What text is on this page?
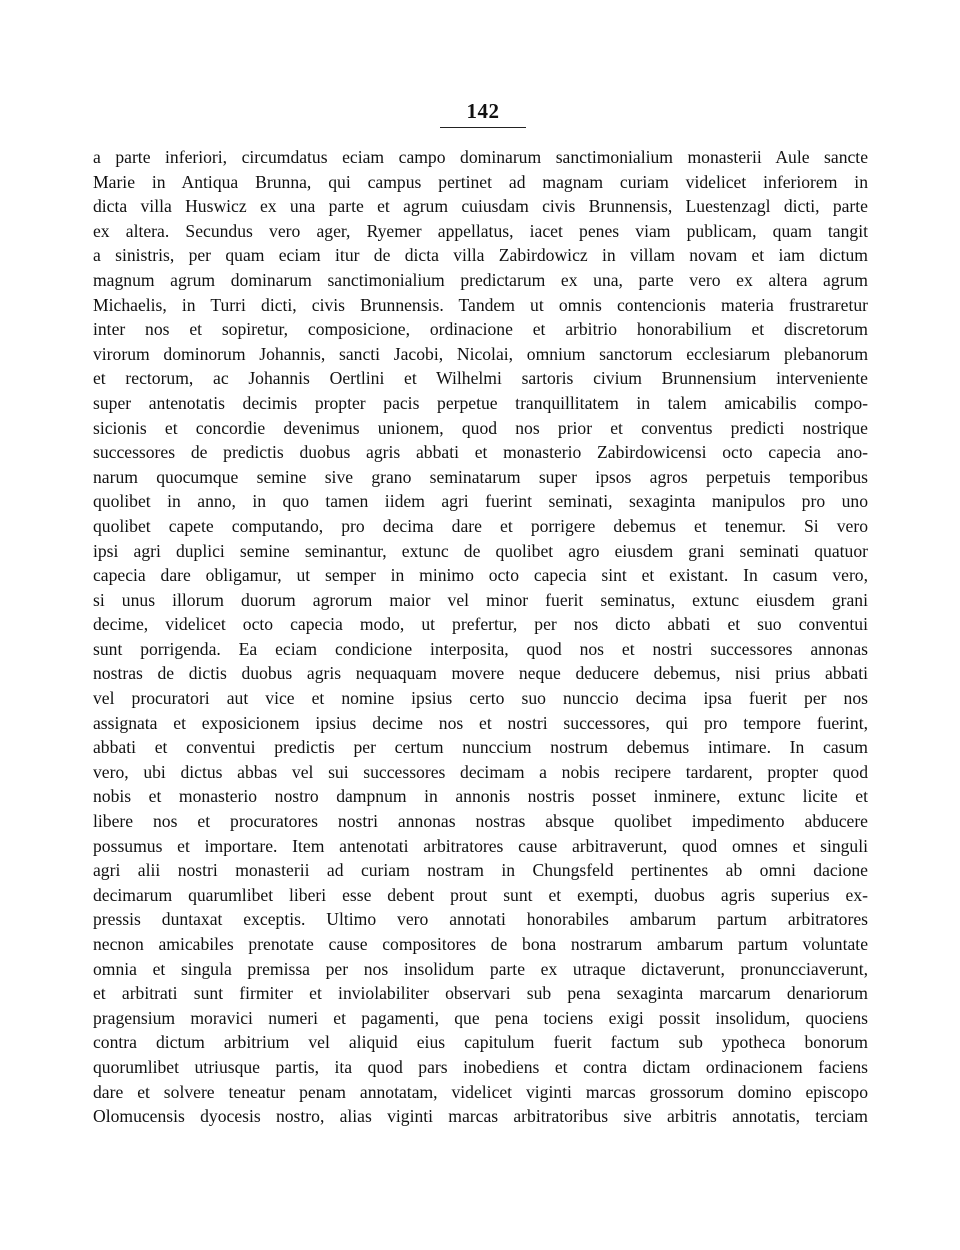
142
a parte inferiori, circumdatus eciam campo dominarum sanctimonialium monasterii Aule sancte
Marie in Antiqua Brunna, qui campus pertinet ad magnam curiam videlicet inferiorem in
dicta villa Huswicz ex una parte et agrum cuiusdam civis Brunnensis, Luestenzagl dicti, parte
ex altera. Secundus vero ager, Ryemer appellatus, iacet penes viam publicam, quam tangit
a sinistris, per quam eciam itur de dicta villa Zabirdowicz in villam novam et iam dictum
magnum agrum dominarum sanctimonialium predictarum ex una, parte vero ex altera agrum
Michaelis, in Turri dicti, civis Brunnensis. Tandem ut omnis contencionis materia frustraretur
inter nos et sopiretur, composicione, ordinacione et arbitrio honorabilium et discretorum
virorum dominorum Johannis, sancti Jacobi, Nicolai, omnium sanctorum ecclesiarum plebanorum
et rectorum, ac Johannis Oertlini et Wilhelmi sartoris civium Brunnensium interveniente
super antenotatis decimis propter pacis perpetue tranquillitatem in talem amicabilis compo-
sicionis et concordie devenimus unionem, quod nos prior et conventus predicti nostrique
successores de predictis duobus agris abbati et monasterio Zabirdowicensi octo capecia ano-
narum quocumque semine sive grano seminatarum super ipsos agros perpetuis temporibus
quolibet in anno, in quo tamen iidem agri fuerint seminati, sexaginta manipulos pro uno
quolibet capete computando, pro decima dare et porrigere debemus et tenemur. Si vero
ipsi agri duplici semine seminantur, extunc de quolibet agro eiusdem grani seminati quatuor
capecia dare obligamur, ut semper in minimo octo capecia sint et existant. In casum vero,
si unus illorum duorum agrorum maior vel minor fuerit seminatus, extunc eiusdem grani
decime, videlicet octo capecia modo, ut prefertur, per nos dicto abbati et suo conventui
sunt porrigenda. Ea eciam condicione interposita, quod nos et nostri successores annonas
nostras de dictis duobus agris nequaquam movere neque deducere debemus, nisi prius abbati
vel procuratori aut vice et nomine ipsius certo suo nunccio decima ipsa fuerit per nos
assignata et exposicionem ipsius decime nos et nostri successores, qui pro tempore fuerint,
abbati et conventui predictis per certum nunccium nostrum debemus intimare. In casum
vero, ubi dictus abbas vel sui successores decimam a nobis recipere tardarent, propter quod
nobis et monasterio nostro dampnum in annonis nostris posset inminere, extunc licite et
libere nos et procuratores nostri annonas nostras absque quolibet impedimento abducere
possumus et importare. Item antenotati arbitratores cause arbitraverunt, quod omnes et singuli
agri alii nostri monasterii ad curiam nostram in Chungsfeld pertinentes ab omni dacione
decimarum quarumlibet liberi esse debent prout sunt et exempti, duobus agris superius ex-
pressis duntaxat exceptis. Ultimo vero annotati honorabiles ambarum partum arbitratores
necnon amicabiles prenotate cause compositores de bona nostrarum ambarum partum voluntate
omnia et singula premissa per nos insolidum parte ex utraque dictaverunt, pronuncciaverunt,
et arbitrati sunt firmiter et inviolabiliter observari sub pena sexaginta marcarum denariorum
pragensium moravici numeri et pagamenti, que pena tociens exigi possit insolidum, quociens
contra dictum arbitrium vel aliquid eius capitulum fuerit factum sub ypotheca bonorum
quorumlibet utriusque partis, ita quod pars inobediens et contra dictam ordinacionem faciens
dare et solvere teneatur penam annotatam, videlicet viginti marcas grossorum domino episcopo
Olomucensis dyocesis nostro, alias viginti marcas arbitratoribus sive arbitris annotatis, terciam
